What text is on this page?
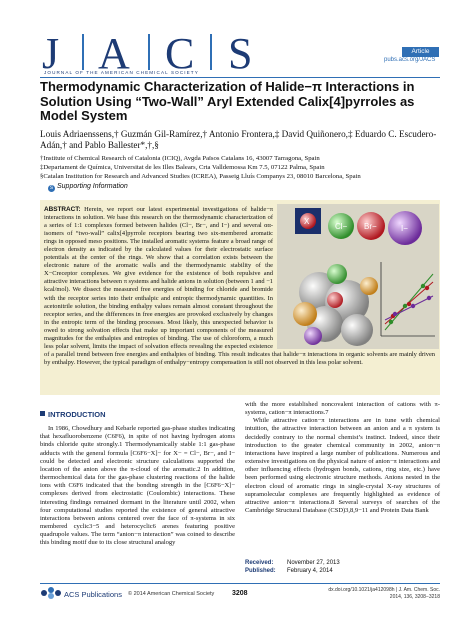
J A C S
JOURNAL OF THE AMERICAN CHEMICAL SOCIETY
Article
pubs.acs.org/JACS
Thermodynamic Characterization of Halide−π Interactions in Solution Using “Two-Wall” Aryl Extended Calix[4]pyrroles as Model System
Louis Adriaenssens,† Guzmán Gil-Ramírez,† Antonio Frontera,‡ David Quiñonero,‡ Eduardo C. Escudero-Adán,† and Pablo Ballester*,†,§
†Institute of Chemical Research of Catalonia (ICIQ), Avgda Països Catalans 16, 43007 Tarragona, Spain
‡Departament de Química, Universitat de les Illes Balears, Crta Valldemossa Km 7.5, 07122 Palma, Spain
§Catalan Institution for Research and Advanced Studies (ICREA), Passeig Lluís Companys 23, 08010 Barcelona, Spain
s Supporting Information
X
Cl− Br−	I−
ABSTRACT: Herein, we report our latest experimental investigations of halide−π interactions in solution. We base this research on the thermodynamic characterization of a series of 1:1 complexes formed between halides (Cl−, Br−, and I−) and several αα-isomers of “two-wall” calix[4]pyrrole receptors bearing two six-membered aromatic rings in opposed meso positions. The installed aromatic systems feature a broad range of electron density as indicated by the calculated values for their electrostatic surface potentials at the center of the rings. We show that a correlation exists between the electronic nature of the aromatic walls and the thermodynamic stability of the X−Creceptor complexes. We give evidence for the existence of both repulsive and attractive interactions between π systems and halide anions in solution (between 1 and −1 kcal/mol). We dissect the measured free energies of binding for chloride and bromide with the receptor series into their enthalpic and entropic thermodynamic quantities. In acetonitrile solution, the binding enthalpy values remain almost constant throughout the receptor series, and the differences in free energies are provoked exclusively by changes in the entropic term of the binding processes. Most likely, this unexpected behavior is owed to strong solvation effects that make up important components of the measured magnitudes for the enthalpies and entropies of binding. The use of chloroform, a much less polar solvent, limits the impact of solvation effects revealing the expected existence of a parallel trend between free energies and enthalpies of binding. This result indicates that halide−π interactions in organic solvents are mainly driven by enthalpy. However, the typical paradigm of enthalpy−entropy compensation is still not observed in this less polar solvent.
INTRODUCTION
In 1986, Chowdhury and Kebarle reported gas-phase studies indicating that hexafluorobenzene (C6F6), in spite of not having hydrogen atoms binds chloride quite strongly.1 Thermodynamically stable 1:1 gas-phase adducts with the general formula [C6F6−X]− for X− = Cl−, Br−, and I− could be detected and electronic structure calculations supported the location of the anion above the π-cloud of the aromatic.2 In addition, thermochemical data for the gas-phase clustering reactions of the halide ions with C6F6 indicated that the bonding strength in the [C6F6−X]− complexes derived from electrostatic (Coulombic) interactions. These interesting findings remained dormant in the literature until 2002, when four computational studies reported the existence of general attractive interactions between anions centered over the face of π-systems in six membered cyclic3−5 and heterocyclic6 arenes featuring positive quadrupole values. The term “anion−π interaction” was coined to describe this binding motif due to its close structural analogy
with the more established noncovalent interaction of cations with π-systems, cation−π interactions.7
While attractive cation−π interactions are in tune with chemical intuition, the attractive interaction between an anion and a π system is decidedly contrary to the normal chemist’s instinct. Indeed, since their introduction to the greater chemical community in 2002, anion−π interactions have inspired a large number of publications. Numerous and extensive investigations on the physical nature of anion−π interactions and other influencing effects (hydrogen bonds, cations, ring size, etc.) have been performed using electronic structure methods. Anions nested in the electron cloud of aromatic rings in single-crystal X-ray structures of supramolecular complexes are frequently highlighted as evidence of attractive anion−π interactions.8 Several surveys of searches of the Cambridge Structural Database (CSD)3,8,9−11 and Protein Data Bank
Received: November 27, 2013
Published: February 4, 2014
ACS Publications © 2014 American Chemical Society	3208	dx.doi.org/10.1021/ja412098h | J. Am. Chem. Soc. 2014, 136, 3208−3218
